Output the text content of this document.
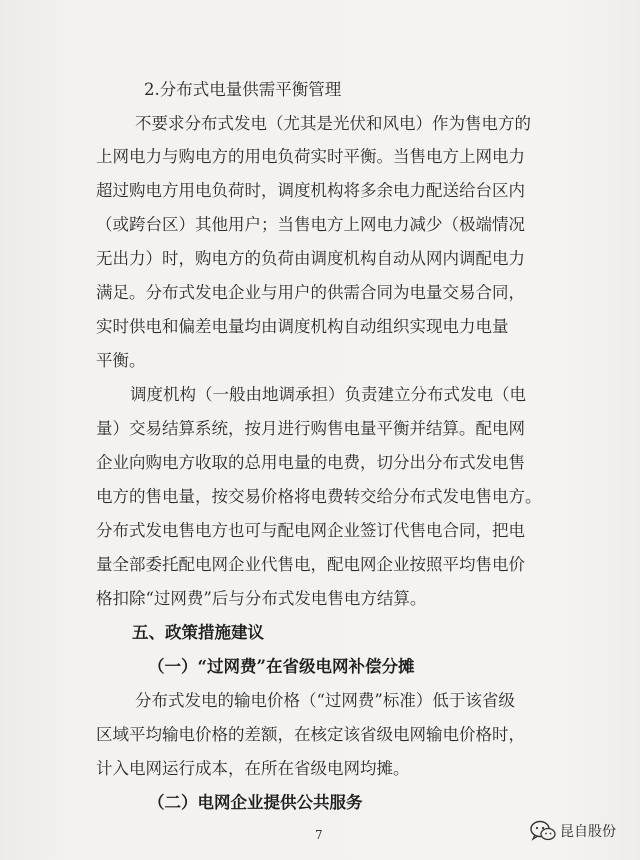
2.分布式电量供需平衡管理
不要求分布式发电（尤其是光伏和风电）作为售电方的
上网电力与购电方的用电负荷实时平衡。当售电方上网电力
超过购电方用电负荷时，调度机构将多余电力配送给台区内
（或跨台区）其他用户；当售电方上网电力减少（极端情况
无出力）时，购电方的负荷由调度机构自动从网内调配电力
满足。分布式发电企业与用户的供需合同为电量交易合同，
实时供电和偏差电量均由调度机构自动组织实现电力电量
平衡。
调度机构（一般由地调承担）负责建立分布式发电（电
量）交易结算系统，按月进行购售电量平衡并结算。配电网
企业向购电方收取的总用电量的电费，切分出分布式发电售
电方的售电量，按交易价格将电费转交给分布式发电售电方。
分布式发电售电方也可与配电网企业签订代售电合同，把电
量全部委托配电网企业代售电，配电网企业按照平均售电价
格扣除“过网费”后与分布式发电售电方结算。
五、政策措施建议
（一）“过网费”在省级电网补偿分摊
分布式发电的输电价格（“过网费”标准）低于该省级
区域平均输电价格的差额，在核定该省级电网输电价格时，
计入电网运行成本，在所在省级电网均摊。
（二）电网企业提供公共服务
7	昆自股份
